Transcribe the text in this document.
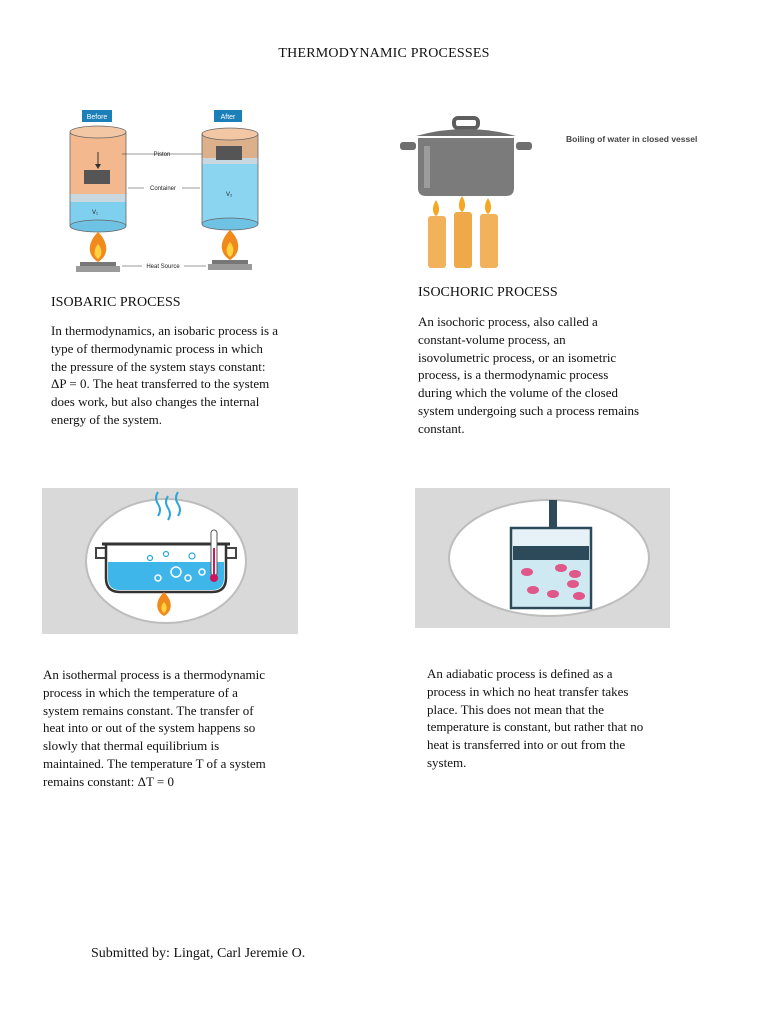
THERMODYNAMIC PROCESSES
Before	After
Piston
Container
V₁
V₂
Heat Source
Boiling of water in closed vessel
ISOBARIC PROCESS
In thermodynamics, an isobaric process is a type of thermodynamic process in which the pressure of the system stays constant: ΔP = 0. The heat transferred to the system does work, but also changes the internal energy of the system.
ISOCHORIC PROCESS
An isochoric process, also called a constant-volume process, an isovolumetric process, or an isometric process, is a thermodynamic process during which the volume of the closed system undergoing such a process remains constant.
An isothermal process is a thermodynamic process in which the temperature of a system remains constant. The transfer of heat into or out of the system happens so slowly that thermal equilibrium is maintained. The temperature T of a system remains constant: ΔT = 0
An adiabatic process is defined as a process in which no heat transfer takes place. This does not mean that the temperature is constant, but rather that no heat is transferred into or out from the system.
Submitted by: Lingat, Carl Jeremie O.
